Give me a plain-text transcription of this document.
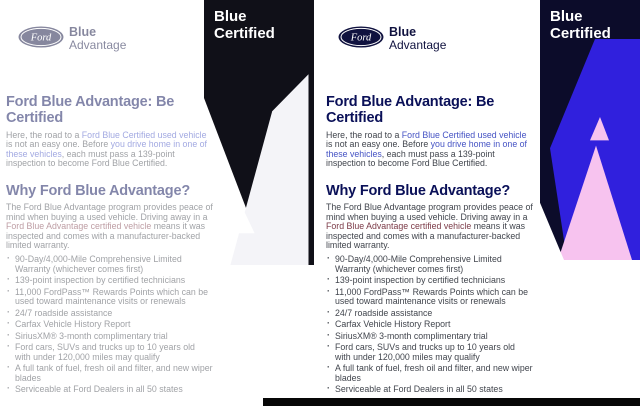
Blue
Certified
Ford Blue
Advantage
Ford Blue Advantage: Be Certified

Here, the road to a Ford Blue Certified used vehicle is not an easy one. Before you drive home in one of these vehicles, each must pass a 139-point inspection to become Ford Blue Certified.

Why Ford Blue Advantage?

The Ford Blue Advantage program provides peace of mind when buying a used vehicle. Driving away in a Ford Blue Advantage certified vehicle means it was inspected and comes with a manufacturer-backed limited warranty.

· 90-Day/4,000-Mile Comprehensive Limited Warranty (whichever comes first)
· 139-point inspection by certified technicians
· 11,000 FordPass™ Rewards Points which can be used toward maintenance visits or renewals
· 24/7 roadside assistance
· Carfax Vehicle History Report
· SiriusXM® 3-month complimentary trial
· Ford cars, SUVs and trucks up to 10 years old with under 120,000 miles may qualify
· A full tank of fuel, fresh oil and filter, and new wiper blades
· Serviceable at Ford Dealers in all 50 states
Blue
Certified
Ford Blue
Advantage
Ford Blue Advantage: Be Certified

Here, the road to a Ford Blue Certified used vehicle is not an easy one. Before you drive home in one of these vehicles, each must pass a 139-point inspection to become Ford Blue Certified.

Why Ford Blue Advantage?

The Ford Blue Advantage program provides peace of mind when buying a used vehicle. Driving away in a Ford Blue Advantage certified vehicle means it was inspected and comes with a manufacturer-backed limited warranty.

· 90-Day/4,000-Mile Comprehensive Limited Warranty (whichever comes first)
· 139-point inspection by certified technicians
· 11,000 FordPass™ Rewards Points which can be used toward maintenance visits or renewals
· 24/7 roadside assistance
· Carfax Vehicle History Report
· SiriusXM® 3-month complimentary trial
· Ford cars, SUVs and trucks up to 10 years old with under 120,000 miles may qualify
· A full tank of fuel, fresh oil and filter, and new wiper blades
· Serviceable at Ford Dealers in all 50 states
